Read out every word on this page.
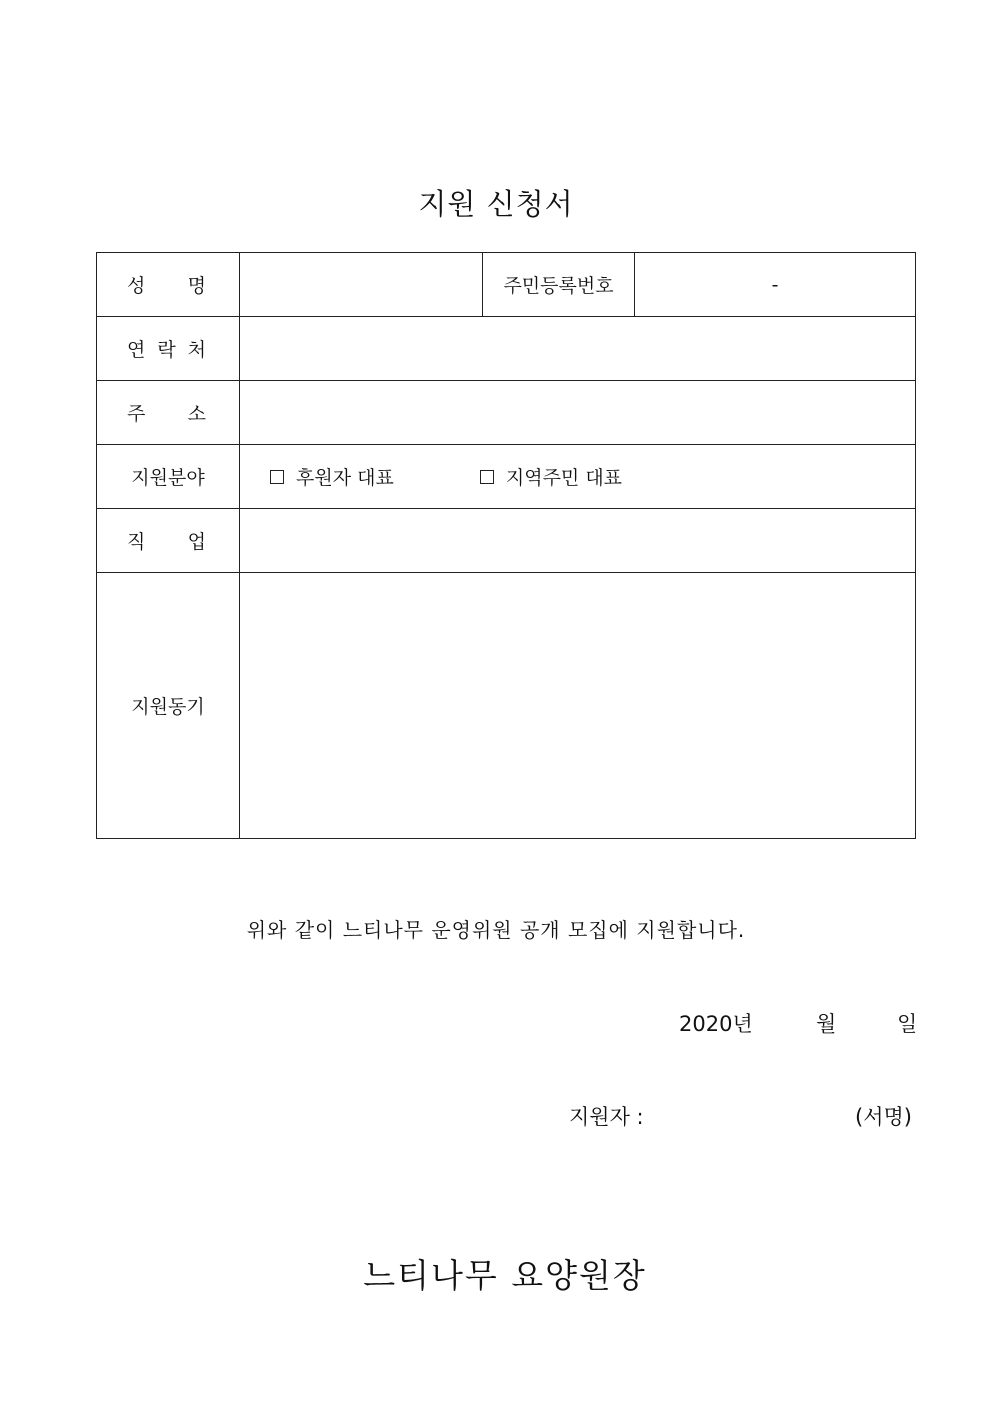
지원 신청서
성 명		주민등록번호	-

연 락 처			

주 소			

지원분야	후원자 대표
지역주민 대표		

직 업			

지원동기			
위와 같이 느티나무 운영위원 공개 모집에 지원합니다.
2020년	월	일
지원자 :	(서명)
느티나무 요양원장
